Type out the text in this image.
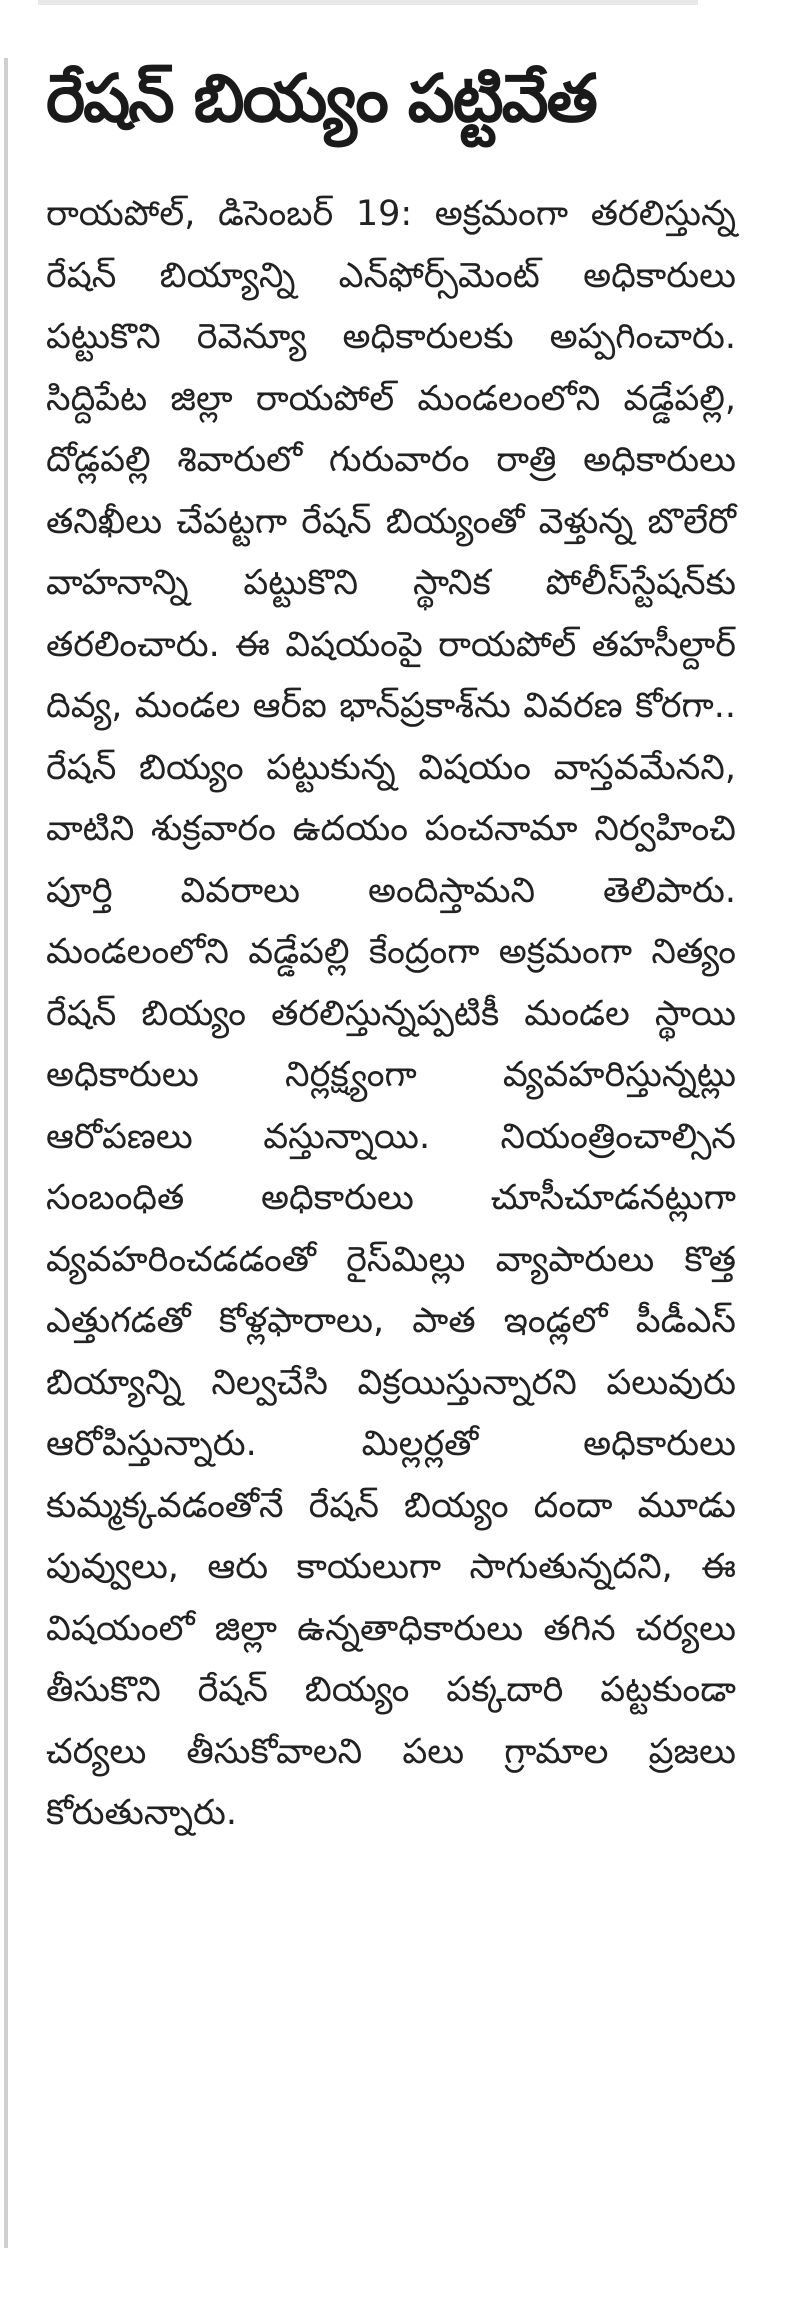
రేషన్ బియ్యం పట్టివేత

రాయపోల్, డిసెంబర్ 19: అక్రమంగా తరలిస్తున్న రేషన్ బియ్యాన్ని ఎన్‌ఫోర్స్‌మెంట్ అధికారులు పట్టుకొని రెవెన్యూ అధికారులకు అప్పగించారు. సిద్దిపేట జిల్లా రాయపోల్ మండలంలోని వడ్డేపల్లి, దోడ్లపల్లి శివారులో గురువారం రాత్రి అధికారులు తనిఖీలు చేపట్టగా రేషన్ బియ్యంతో వెళ్తున్న బొలేరో వాహనాన్ని పట్టుకొని స్థానిక పోలీస్‌స్టేషన్‌కు తరలించారు. ఈ విషయంపై రాయపోల్ తహసీల్దార్ దివ్య, మండల ఆర్ఐ భాన్‌ప్రకాశ్‌ను వివరణ కోరగా.. రేషన్ బియ్యం పట్టుకున్న విషయం వాస్తవమేనని, వాటిని శుక్రవారం ఉదయం పంచనామా నిర్వహించి పూర్తి వివరాలు అందిస్తామని తెలిపారు. మండలంలోని వడ్డేపల్లి కేంద్రంగా అక్రమంగా నిత్యం రేషన్ బియ్యం తరలిస్తున్నప్పటికీ మండల స్థాయి అధికారులు నిర్లక్ష్యంగా వ్యవహరిస్తున్నట్లు ఆరోపణలు వస్తున్నాయి. నియంత్రించాల్సిన సంబంధిత అధికారులు చూసీచూడనట్లుగా వ్యవహరించడడంతో రైస్‌మిల్లు వ్యాపారులు కొత్త ఎత్తుగడతో కోళ్లఫారాలు, పాత ఇండ్లలో పీడీఎస్ బియ్యాన్ని నిల్వచేసి విక్రయిస్తున్నారని పలువురు ఆరోపిస్తున్నారు. మిల్లర్లతో అధికారులు కుమ్మక్కవడంతోనే రేషన్ బియ్యం దందా మూడు పువ్వులు, ఆరు కాయలుగా సాగుతున్నదని, ఈ విషయంలో జిల్లా ఉన్నతాధికారులు తగిన చర్యలు తీసుకొని రేషన్ బియ్యం పక్కదారి పట్టకుండా చర్యలు తీసుకోవాలని పలు గ్రామాల ప్రజలు కోరుతున్నారు.
